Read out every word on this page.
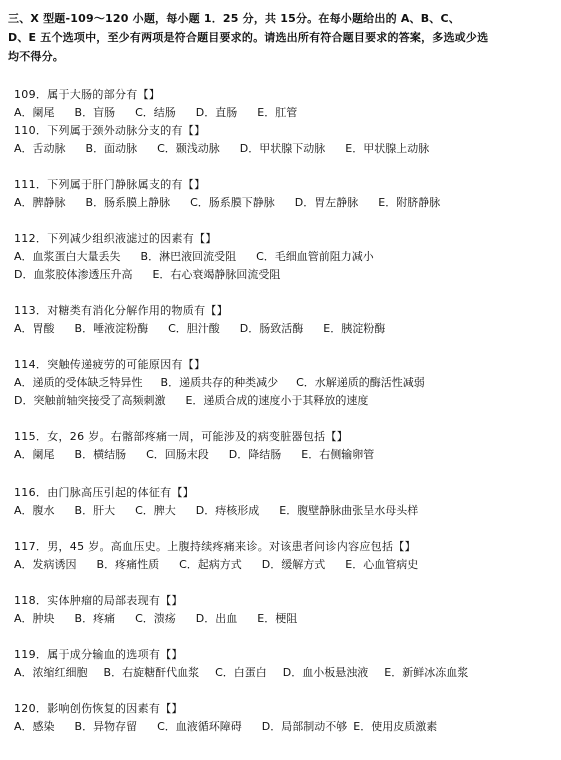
三、X 型题-109～120 小题，每小题 1．25 分，共 15分。在每小题给出的 A、B、C、
D、E 五个选项中，至少有两项是符合题目要求的。请选出所有符合题目要求的答案，多选或少选
均不得分。
109．属于大肠的部分有【】
A．阑尾 B．盲肠 C．结肠 D．直肠 E．肛管
110．下列属于颈外动脉分支的有【】
A．舌动脉 B．面动脉 C．颞浅动脉 D．甲状腺下动脉 E．甲状腺上动脉
111．下列属于肝门静脉属支的有【】
A．脾静脉 B．肠系膜上静脉 C．肠系膜下静脉 D．胃左静脉 E．附脐静脉
112．下列减少组织液滤过的因素有【】
A．血浆蛋白大量丢失 B．淋巴液回流受阻 C．毛细血管前阻力减小
D．血浆胶体渗透压升高 E．右心衰竭静脉回流受阻
113．对糖类有消化分解作用的物质有【】
A．胃酸 B．唾液淀粉酶 C．胆汁酸 D．肠致活酶 E．胰淀粉酶
114．突触传递疲劳的可能原因有【】
A．递质的受体缺乏特异性 B．递质共存的种类减少 C．水解递质的酶活性减弱
D．突触前轴突接受了高频刺激 E．递质合成的速度小于其释放的速度
115．女，26 岁。右髂部疼痛一周，可能涉及的病变脏器包括【】
A．阑尾 B．横结肠 C．回肠末段 D．降结肠 E．右侧输卵管
116．由门脉高压引起的体征有【】
A．腹水 B．肝大 C．脾大 D．痔核形成 E．腹壁静脉曲张呈水母头样
117．男，45 岁。高血压史。上腹持续疼痛来诊。对该患者问诊内容应包括【】
A．发病诱因 B．疼痛性质 C．起病方式 D．缓解方式 E．心血管病史
118．实体肿瘤的局部表现有【】
A．肿块 B．疼痛 C．溃疡 D．出血 E．梗阻
119．属于成分输血的选项有【】
A．浓缩红细胞 B．右旋糖酐代血浆 C．白蛋白 D．血小板悬浊液 E．新鲜冰冻血浆
120．影响创伤恢复的因素有【】
A．感染 B．异物存留 C．血液循环障碍 D．局部制动不够 E．使用皮质激素
